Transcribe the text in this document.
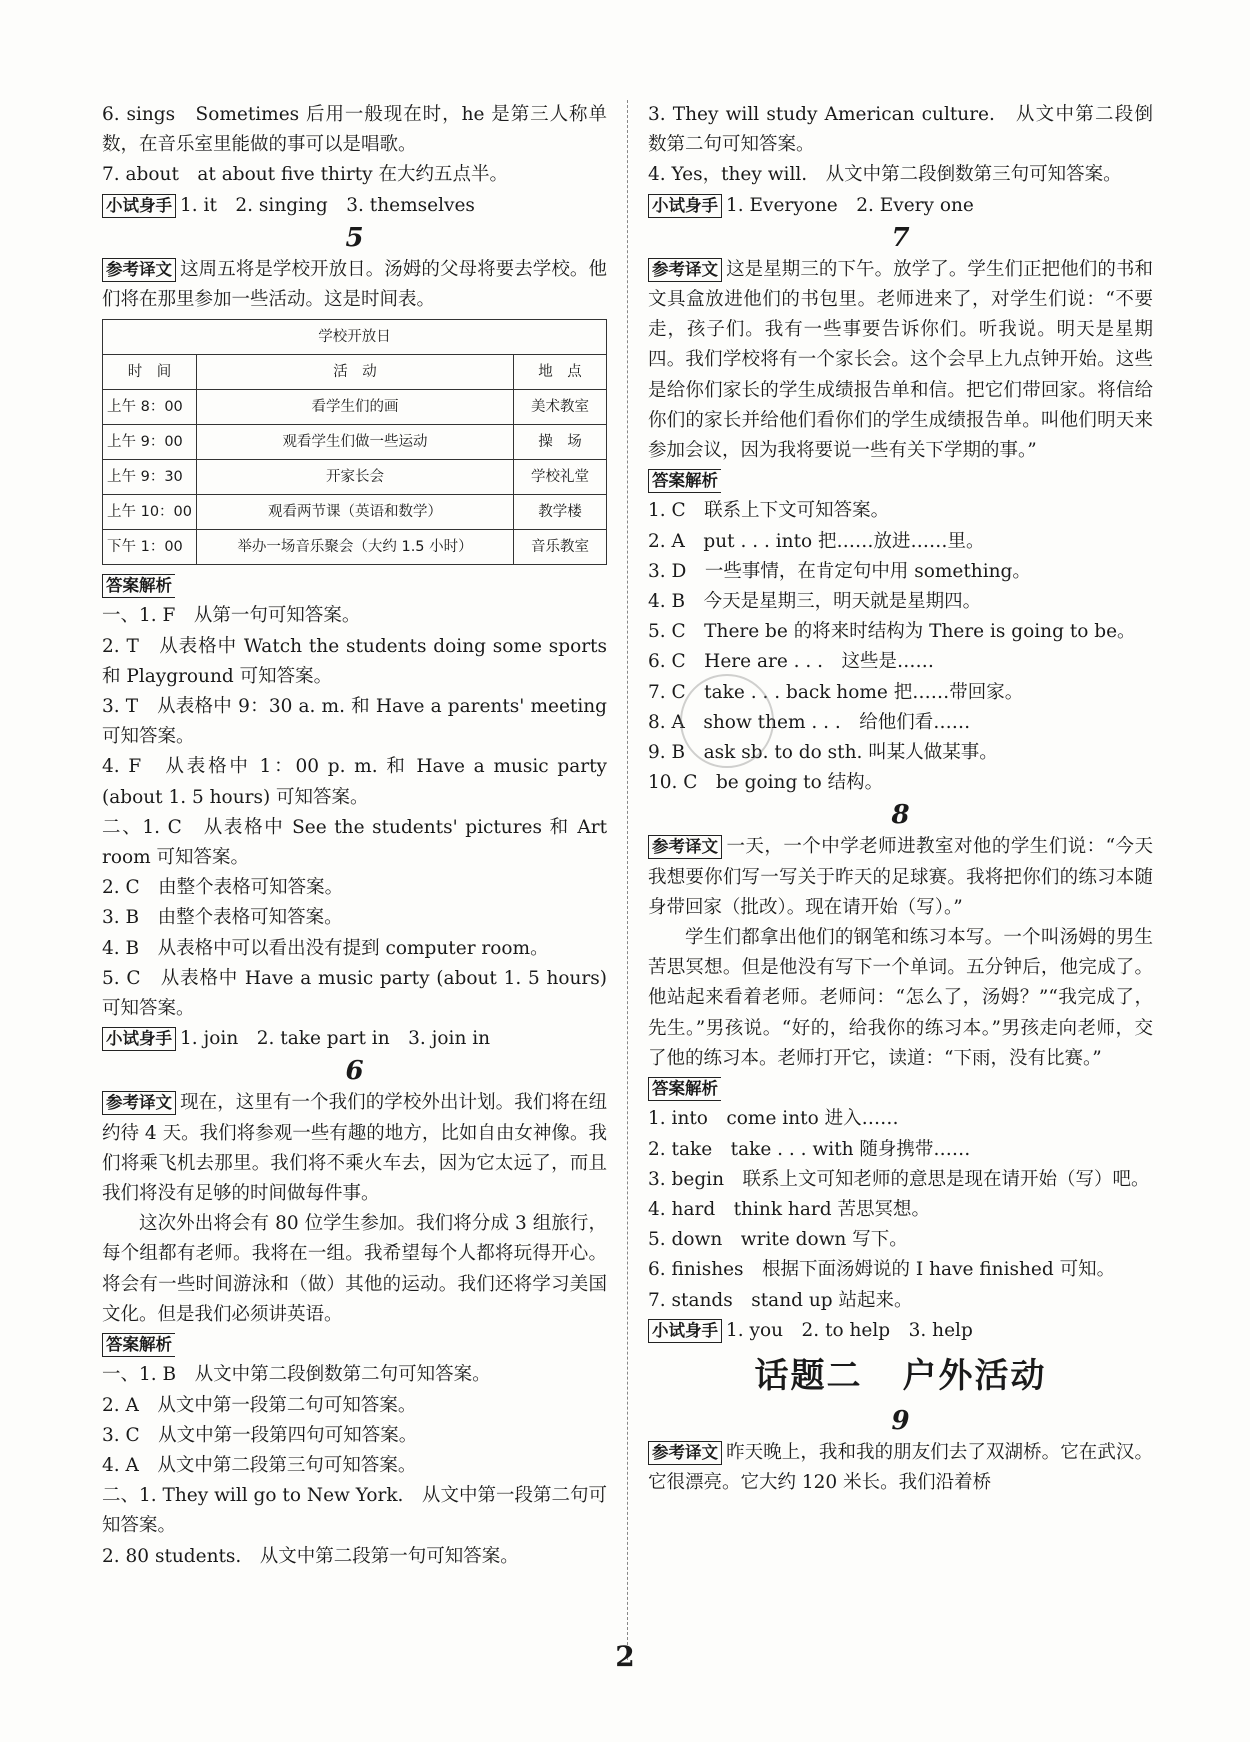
6. sings　Sometimes 后用一般现在时，he 是第三人称单数，在音乐室里能做的事可以是唱歌。

7. about　at about five thirty 在大约五点半。

小试身手 1. it　2. singing　3. themselves

5

参考译文 这周五将是学校开放日。汤姆的父母将要去学校。他们将在那里参加一些活动。这是时间表。

学校开放日		
时　间	活　动	地　点
上午 8：00	看学生们的画	美术教室
上午 9：00	观看学生们做一些运动	操　场
上午 9：30	开家长会	学校礼堂
上午 10：00	观看两节课（英语和数学）	教学楼
下午 1：00	举办一场音乐聚会（大约 1.5 小时）	音乐教室

答案解析

一、1. F　从第一句可知答案。

2. T　从表格中 Watch the students doing some sports 和 Playground 可知答案。

3. T　从表格中 9：30 a. m. 和 Have a parents' meeting 可知答案。

4. F　从表格中 1：00 p. m. 和 Have a music party (about 1. 5 hours) 可知答案。

二、1. C　从表格中 See the students' pictures 和 Art room 可知答案。

2. C　由整个表格可知答案。

3. B　由整个表格可知答案。

4. B　从表格中可以看出没有提到 computer room。

5. C　从表格中 Have a music party (about 1. 5 hours) 可知答案。

小试身手 1. join　2. take part in　3. join in

6

参考译文 现在，这里有一个我们的学校外出计划。我们将在纽约待 4 天。我们将参观一些有趣的地方，比如自由女神像。我们将乘飞机去那里。我们将不乘火车去，因为它太远了，而且我们将没有足够的时间做每件事。

这次外出将会有 80 位学生参加。我们将分成 3 组旅行，每个组都有老师。我将在一组。我希望每个人都将玩得开心。将会有一些时间游泳和（做）其他的运动。我们还将学习美国文化。但是我们必须讲英语。

答案解析

一、1. B　从文中第二段倒数第二句可知答案。

2. A　从文中第一段第二句可知答案。

3. C　从文中第一段第四句可知答案。

4. A　从文中第二段第三句可知答案。

二、1. They will go to New York.　从文中第一段第二句可知答案。

2. 80 students.　从文中第二段第一句可知答案。

3. They will study American culture.　从文中第二段倒数第二句可知答案。

4. Yes，they will.　从文中第二段倒数第三句可知答案。

小试身手 1. Everyone　2. Every one

7

参考译文 这是星期三的下午。放学了。学生们正把他们的书和文具盒放进他们的书包里。老师进来了，对学生们说：“不要走，孩子们。我有一些事要告诉你们。听我说。明天是星期四。我们学校将有一个家长会。这个会早上九点钟开始。这些是给你们家长的学生成绩报告单和信。把它们带回家。将信给你们的家长并给他们看你们的学生成绩报告单。叫他们明天来参加会议，因为我将要说一些有关下学期的事。”

答案解析

1. C　联系上下文可知答案。

2. A　put . . . into 把……放进……里。

3. D　一些事情，在肯定句中用 something。

4. B　今天是星期三，明天就是星期四。

5. C　There be 的将来时结构为 There is going to be。

6. C　Here are . . .　这些是……

7. C　take . . . back home 把……带回家。

8. A　show them . . .　给他们看……

9. B　ask sb. to do sth. 叫某人做某事。

10. C　be going to 结构。

8

参考译文 一天，一个中学老师进教室对他的学生们说：“今天我想要你们写一写关于昨天的足球赛。我将把你们的练习本随身带回家（批改）。现在请开始（写）。”

学生们都拿出他们的钢笔和练习本写。一个叫汤姆的男生苦思冥想。但是他没有写下一个单词。五分钟后，他完成了。他站起来看着老师。老师问：“怎么了，汤姆？”“我完成了，先生。”男孩说。“好的，给我你的练习本。”男孩走向老师，交了他的练习本。老师打开它，读道：“下雨，没有比赛。”

答案解析

1. into　come into 进入……

2. take　take . . . with 随身携带……

3. begin　联系上文可知老师的意思是现在请开始（写）吧。

4. hard　think hard 苦思冥想。

5. down　write down 写下。

6. finishes　根据下面汤姆说的 I have finished 可知。

7. stands　stand up 站起来。

小试身手 1. you　2. to help　3. help

话题二 户外活动

9

参考译文 昨天晚上，我和我的朋友们去了双湖桥。它在武汉。它很漂亮。它大约 120 米长。我们沿着桥

2
